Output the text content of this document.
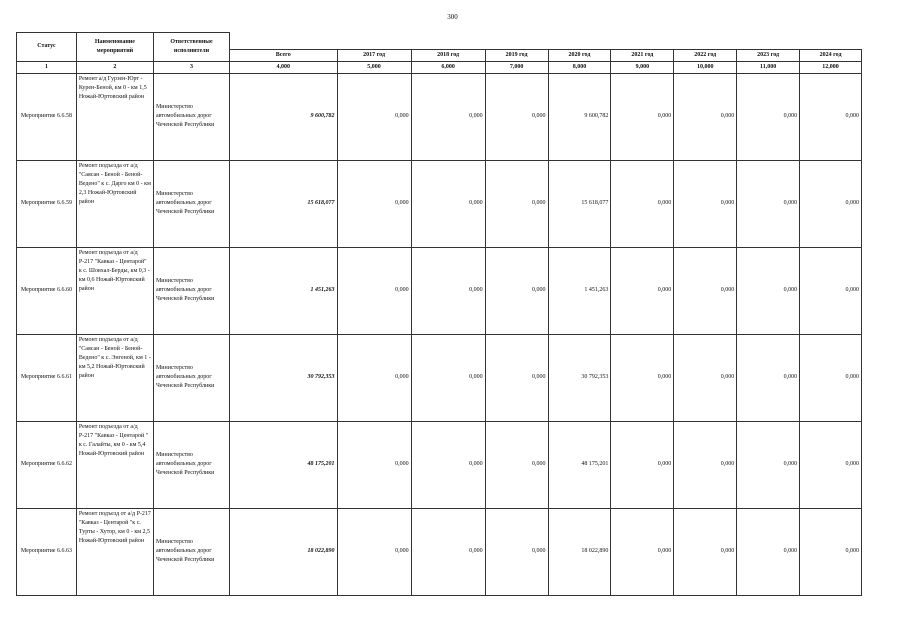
300
Статус	Наименование мероприятий	Ответственные исполнители									
			Всего	2017 год	2018 год	2019 год	2020 год	2021 год	2022 год	2023 год	2024 год
1	2	3	4,000	5,000	6,000	7,000	8,000	9,000	10,000	11,000	12,000
Мероприятие 6.6.58	Ремонт а/д Гурзен-Юрт - Курен-Беной, км 0 - км 1,5 Ножай-Юртовский район	Министерство автомобильных дорог Чеченской Республики	9 600,782	0,000	0,000	0,000	9 600,782	0,000	0,000	0,000	0,000
Мероприятие 6.6.59	Ремонт подъезда от а/д "Саясан - Беной - Беной-Ведено" к с. Дарго км 0 - км 2,3 Ножай-Юртовский район	Министерство автомобильных дорог Чеченской Республики	15 618,077	0,000	0,000	0,000	15 618,077	0,000	0,000	0,000	0,000
Мероприятие 6.6.60	Ремонт подъезда от а/д Р-217 "Кавказ - Центарой" к с. Шовхал-Берды, км 0,3 - км 0,6 Ножай-Юртовский район	Министерство автомобильных дорог Чеченской Республики	1 451,263	0,000	0,000	0,000	1 451,263	0,000	0,000	0,000	0,000
Мероприятие 6.6.61	Ремонт подъезда от а/д "Саясан - Беной - Беной-Ведено" к с. Энгеной, км 1 - км 5,2 Ножай-Юртовский район	Министерство автомобильных дорог Чеченской Республики	30 792,353	0,000	0,000	0,000	30 792,353	0,000	0,000	0,000	0,000
Мероприятие 6.6.62	Ремонт подъезда от а/д Р-217 "Кавказ - Центарой " к с. Галайты, км 0 - км 5,4 Ножай-Юртовский район	Министерство автомобильных дорог Чеченской Республики	48 175,201	0,000	0,000	0,000	48 175,201	0,000	0,000	0,000	0,000
Мероприятие 6.6.63	Ремонт подъезд от а/д Р-217 "Кавказ - Центарой "к с. Турты - Хутор, км 0 - км 2,5 Ножай-Юртовский район	Министерство автомобильных дорог Чеченской Республики	18 022,890	0,000	0,000	0,000	18 022,890	0,000	0,000	0,000	0,000
